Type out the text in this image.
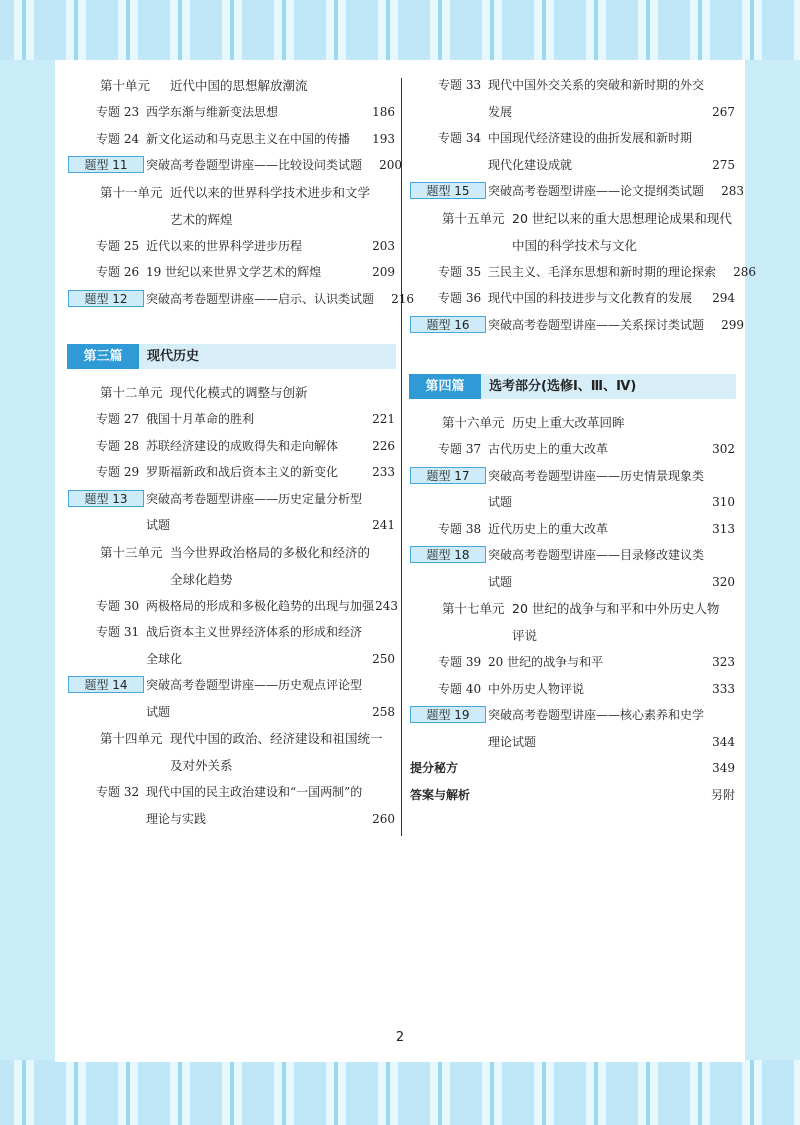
第十单元 近代中国的思想解放潮流
专题 23 西学东渐与维新变法思想	186
专题 24 新文化运动和马克思主义在中国的传播	193
题型 11	突破高考卷题型讲座——比较设问类试题	200
第十一单元 近代以来的世界科学技术进步和文学
艺术的辉煌
专题 25 近代以来的世界科学进步历程	203
专题 26 19 世纪以来世界文学艺术的辉煌	209
题型 12	突破高考卷题型讲座——启示、认识类试题	216
第三篇	现代历史
第十二单元 现代化模式的调整与创新
专题 27 俄国十月革命的胜利	221
专题 28 苏联经济建设的成败得失和走向解体	226
专题 29 罗斯福新政和战后资本主义的新变化	233
题型 13	突破高考卷题型讲座——历史定量分析型
试题	241
第十三单元 当今世界政治格局的多极化和经济的
全球化趋势
专题 30 两极格局的形成和多极化趋势的出现与加强 243
专题 31 战后资本主义世界经济体系的形成和经济
全球化	250
题型 14	突破高考卷题型讲座——历史观点评论型
试题	258
第十四单元 现代中国的政治、经济建设和祖国统一
及对外关系
专题 32 现代中国的民主政治建设和“一国两制”的
理论与实践	260
专题 33 现代中国外交关系的突破和新时期的外交
发展	267
专题 34 中国现代经济建设的曲折发展和新时期
现代化建设成就	275
题型 15	突破高考卷题型讲座——论文提纲类试题	283
第十五单元 20 世纪以来的重大思想理论成果和现代
中国的科学技术与文化
专题 35 三民主义、毛泽东思想和新时期的理论探索	286
专题 36 现代中国的科技进步与文化教育的发展	294
题型 16	突破高考卷题型讲座——关系探讨类试题	299
第四篇	选考部分(选修Ⅰ、Ⅲ、Ⅳ)
第十六单元 历史上重大改革回眸
专题 37 古代历史上的重大改革	302
题型 17	突破高考卷题型讲座——历史情景现象类
试题	310
专题 38 近代历史上的重大改革	313
题型 18	突破高考卷题型讲座——目录修改建议类
试题	320
第十七单元 20 世纪的战争与和平和中外历史人物
评说
专题 39 20 世纪的战争与和平	323
专题 40 中外历史人物评说	333
题型 19	突破高考卷题型讲座——核心素养和史学
理论试题	344
提分秘方	349
答案与解析	另附
2
